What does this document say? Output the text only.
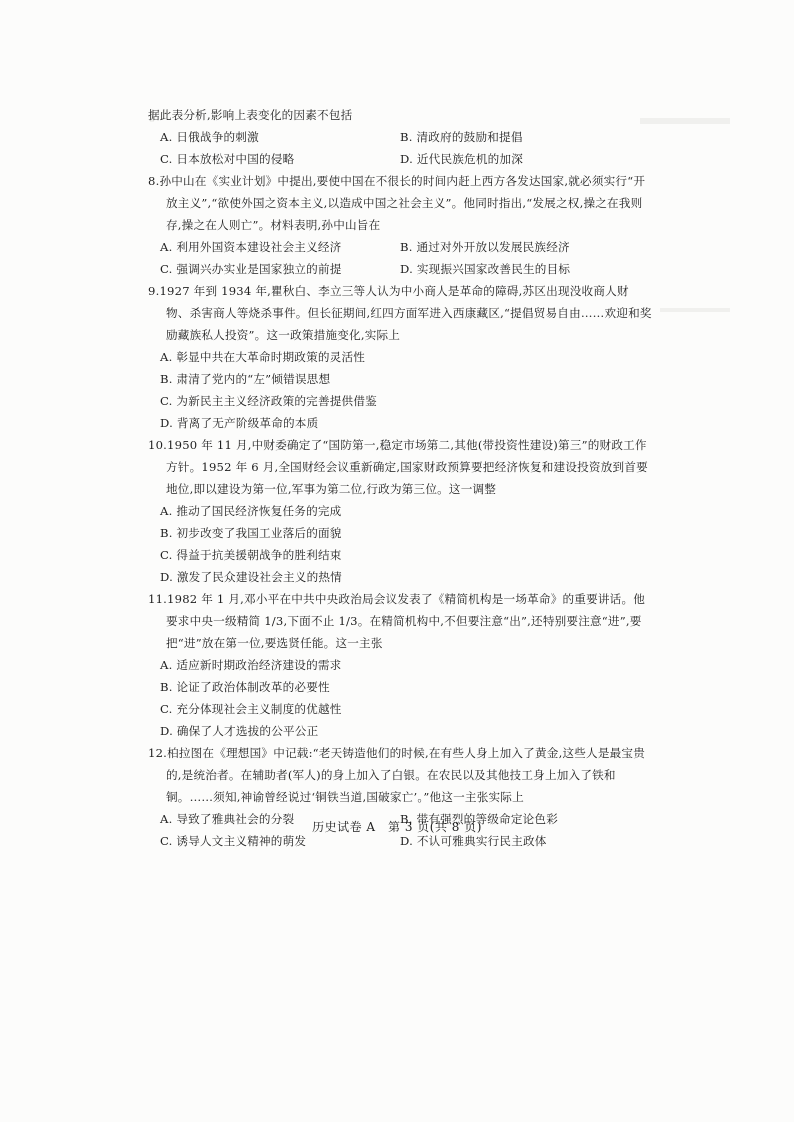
据此表分析,影响上表变化的因素不包括

A. 日俄战争的刺激	B. 清政府的鼓励和提倡
C. 日本放松对中国的侵略	D. 近代民族危机的加深

8.孙中山在《实业计划》中提出,要使中国在不很长的时间内赶上西方各发达国家,就必须实行“开放主义”,“欲使外国之资本主义,以造成中国之社会主义”。他同时指出,“发展之权,操之在我则存,操之在人则亡”。材料表明,孙中山旨在

A. 利用外国资本建设社会主义经济	B. 通过对外开放以发展民族经济
C. 强调兴办实业是国家独立的前提	D. 实现振兴国家改善民生的目标

9.1927 年到 1934 年,瞿秋白、李立三等人认为中小商人是革命的障碍,苏区出现没收商人财物、杀害商人等烧杀事件。但长征期间,红四方面军进入西康藏区,“提倡贸易自由……欢迎和奖励藏族私人投资”。这一政策措施变化,实际上

A. 彰显中共在大革命时期政策的灵活性
B. 肃清了党内的“左”倾错误思想
C. 为新民主主义经济政策的完善提供借鉴
D. 背离了无产阶级革命的本质

10.1950 年 11 月,中财委确定了“国防第一,稳定市场第二,其他(带投资性建设)第三”的财政工作方针。1952 年 6 月,全国财经会议重新确定,国家财政预算要把经济恢复和建设投资放到首要地位,即以建设为第一位,军事为第二位,行政为第三位。这一调整

A. 推动了国民经济恢复任务的完成
B. 初步改变了我国工业落后的面貌
C. 得益于抗美援朝战争的胜利结束
D. 激发了民众建设社会主义的热情

11.1982 年 1 月,邓小平在中共中央政治局会议发表了《精简机构是一场革命》的重要讲话。他要求中央一级精简 1/3,下面不止 1/3。在精简机构中,不但要注意“出”,还特别要注意“进”,要把“进”放在第一位,要选贤任能。这一主张

A. 适应新时期政治经济建设的需求
B. 论证了政治体制改革的必要性
C. 充分体现社会主义制度的优越性
D. 确保了人才选拔的公平公正

12.柏拉图在《理想国》中记载:“老天铸造他们的时候,在有些人身上加入了黄金,这些人是最宝贵的,是统治者。在辅助者(军人)的身上加入了白银。在农民以及其他技工身上加入了铁和铜。……须知,神谕曾经说过‘铜铁当道,国破家亡’。”他这一主张实际上

A. 导致了雅典社会的分裂	B. 带有强烈的等级命定论色彩
C. 诱导人文主义精神的萌发	D. 不认可雅典实行民主政体
历史试卷 A　第 3 页(共 8 页)
